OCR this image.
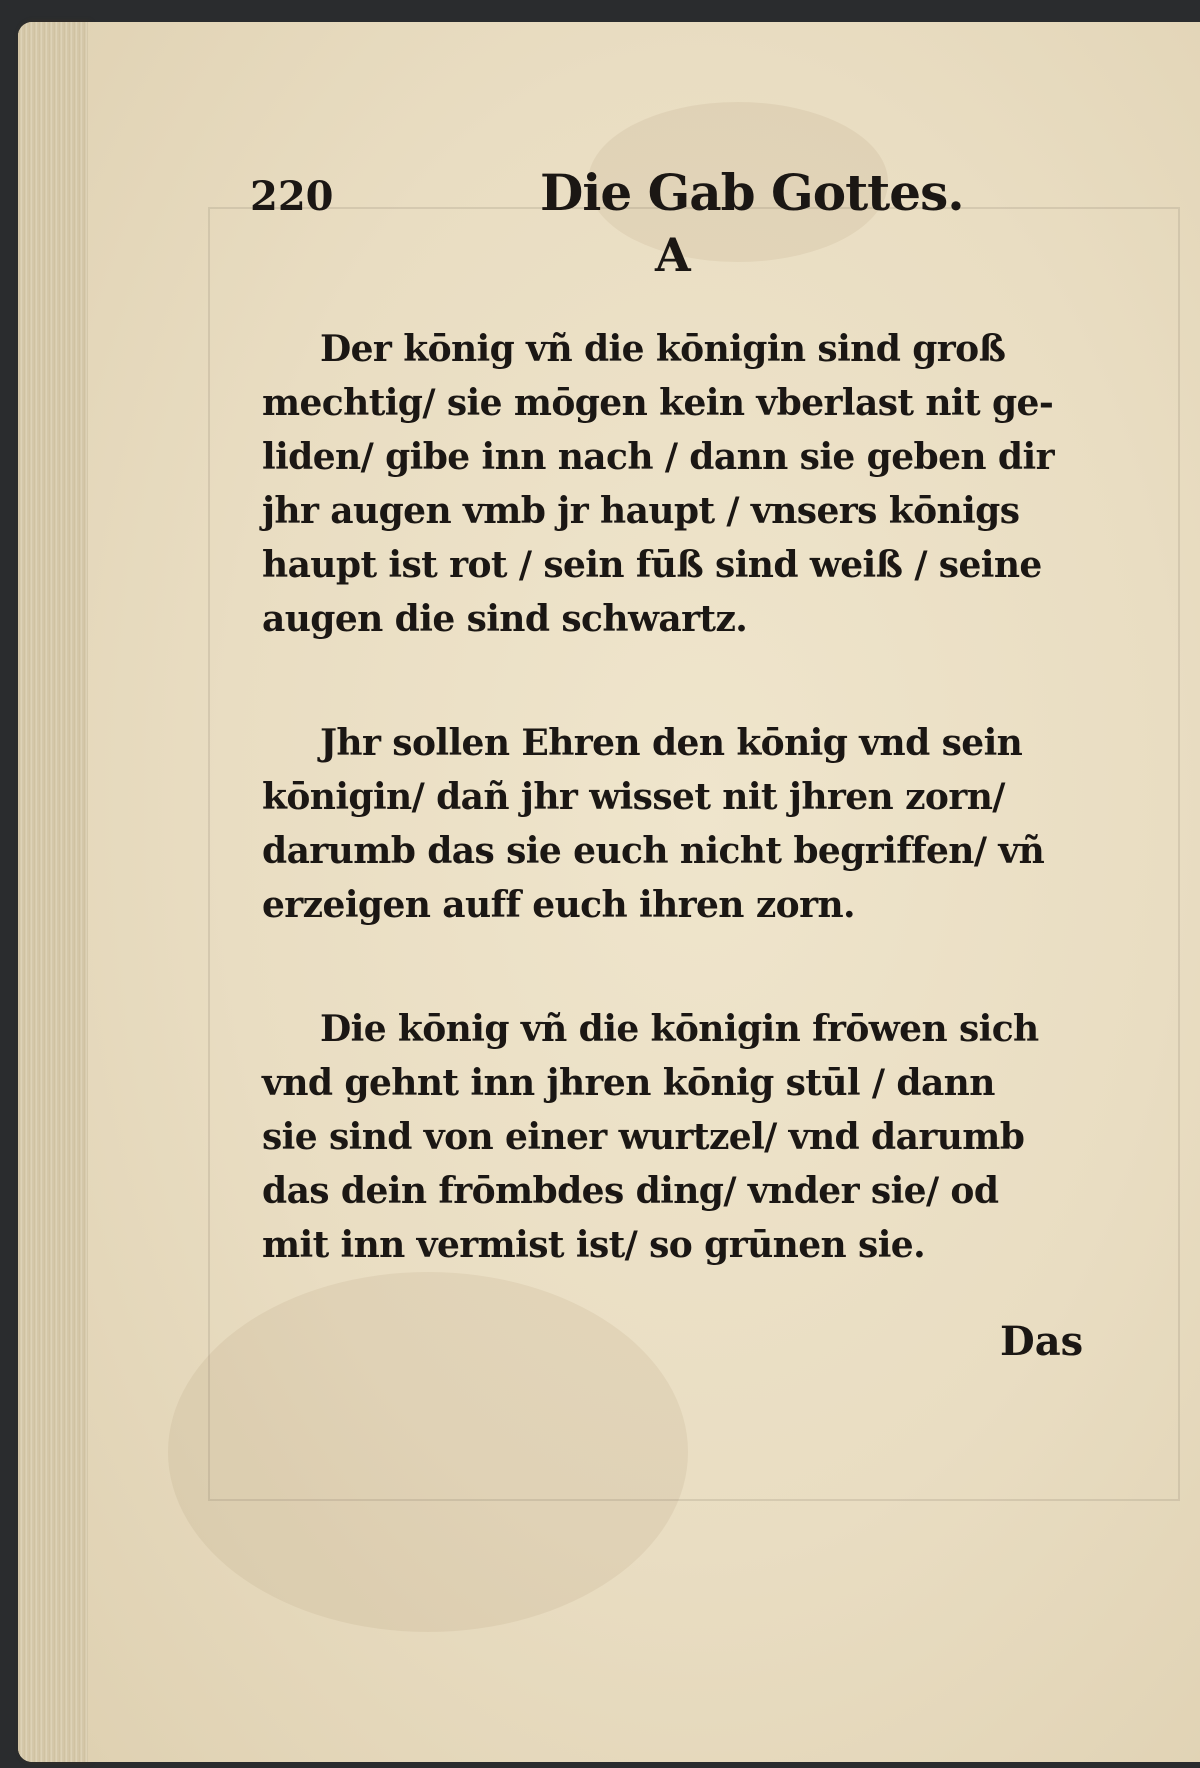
220	Die Gab Gottes.
A
Der kōnig vñ die kōnigin sind groß
mechtig/ sie mōgen kein vberlast nit ge-
liden/ gibe inn nach / dann sie geben dir
jhr augen vmb jr haupt / vnsers kōnigs
haupt ist rot / sein fūß sind weiß / seine
augen die sind schwartz.
Jhr sollen Ehren den kōnig vnd sein
kōnigin/ dañ jhr wisset nit jhren zorn/
darumb das sie euch nicht begriffen/ vñ
erzeigen auff euch ihren zorn.
Die kōnig vñ die kōnigin frōwen sich
vnd gehnt inn jhren kōnig stūl / dann
sie sind von einer wurtzel/ vnd darumb
das dein frōmbdes ding/ vnder sie/ od
mit inn vermist ist/ so grūnen sie.
Das
